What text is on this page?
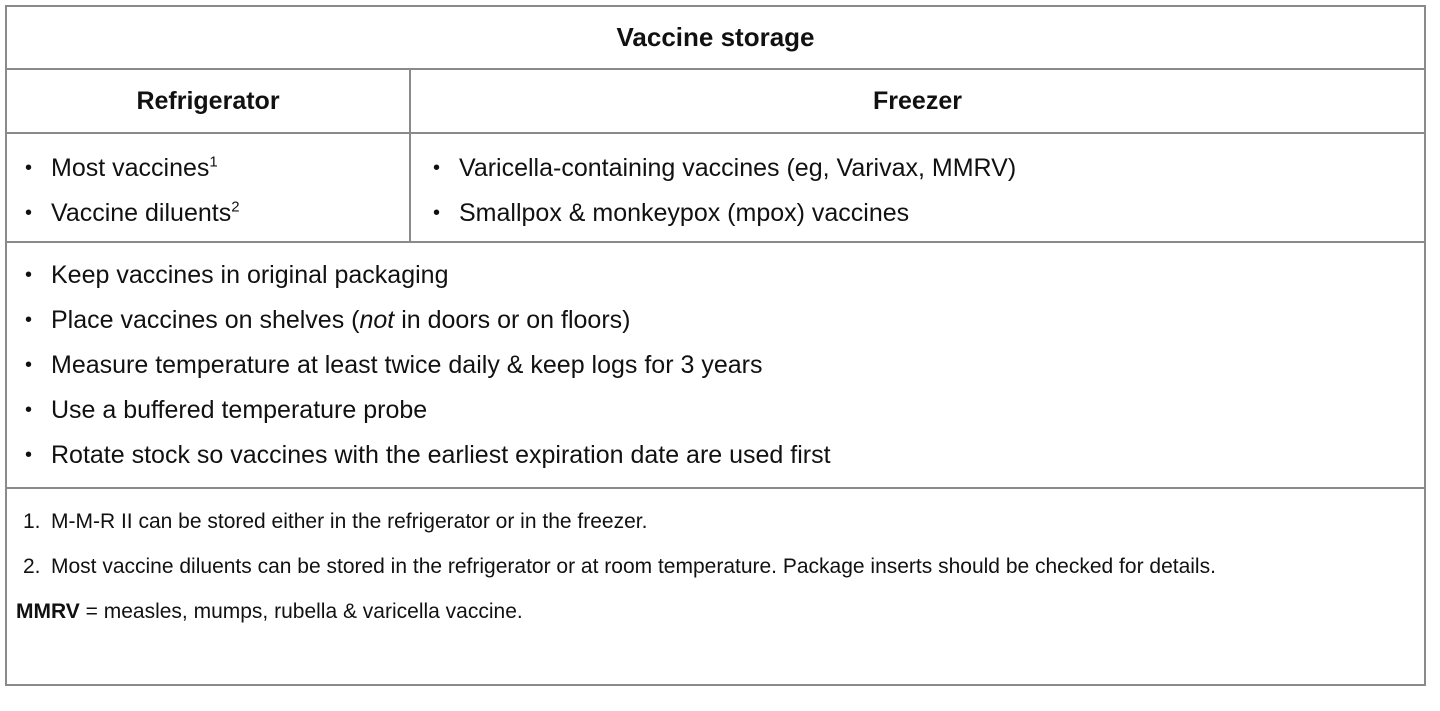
Vaccine storage
Refrigerator	Freezer
• Most vaccines$^1$
• Vaccine diluents$^2$
• Varicella-containing vaccines (eg, Varivax, MMRV)
• Smallpox & monkeypox (mpox) vaccines
• Keep vaccines in original packaging
• Place vaccines on shelves (not in doors or on floors)
• Measure temperature at least twice daily & keep logs for 3 years
• Use a buffered temperature probe
• Rotate stock so vaccines with the earliest expiration date are used first
1. M-M-R II can be stored either in the refrigerator or in the freezer.
2. Most vaccine diluents can be stored in the refrigerator or at room temperature. Package inserts should be checked for details.
MMRV = measles, mumps, rubella & varicella vaccine.
